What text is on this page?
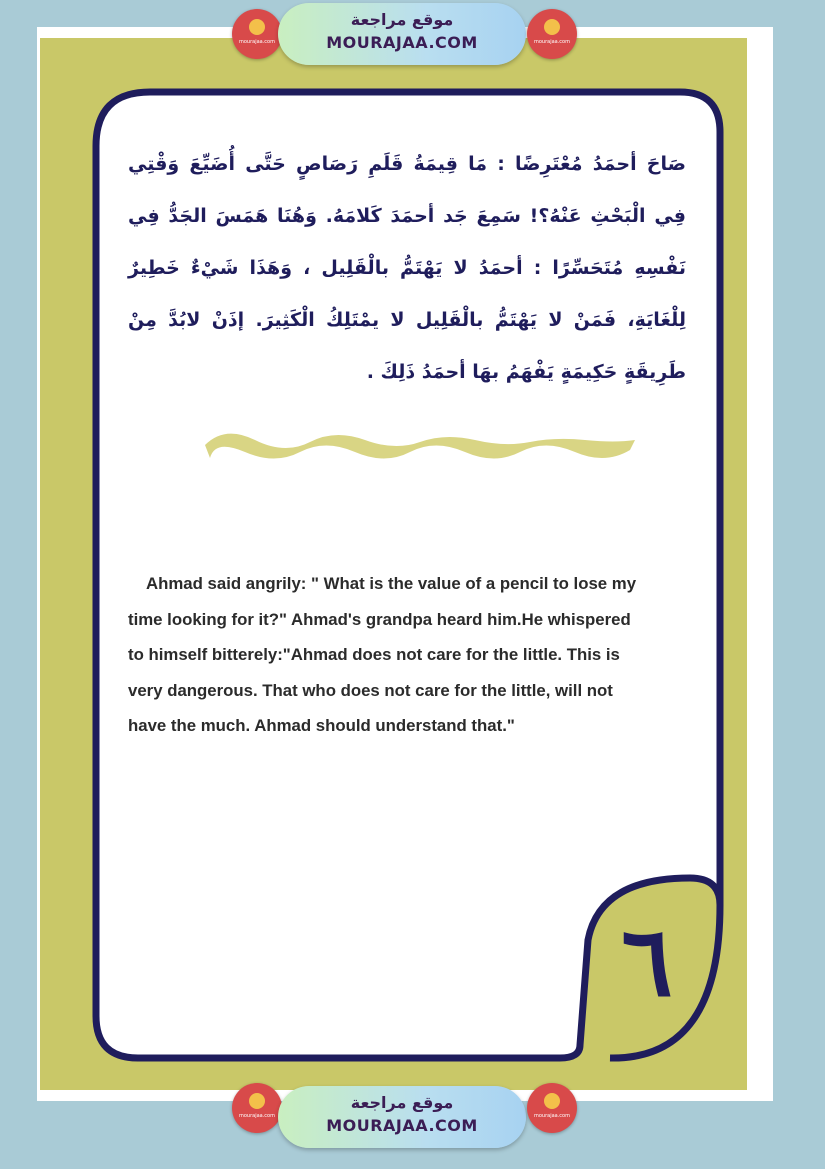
صَاحَ أحمَدُ مُعْتَرِضًا : مَا قِيمَةُ قَلَمِ رَصَاصٍ حَتَّى أُضَيِّعَ وَقْتِي فِي الْبَحْثِ عَنْهُ؟! سَمِعَ جَد أحمَدَ كَلامَهُ. وَهُنَا هَمَسَ الجَدُّ فِي نَفْسِهِ مُتَحَسِّرًا : أحمَدُ لا يَهْتَمُّ بالْقَلِيل ، وَهَذَا شَيْءٌ خَطِيرٌ لِلْغَايَةِ، فَمَنْ لا يَهْتَمُّ بالْقَلِيل لا يمْتَلِكُ الْكَثِيرَ. إذَنْ لابُدَّ مِنْ طَرِيقَةٍ حَكِيمَةٍ يَفْهَمُ بهَا أحمَدُ ذَلِكَ .
Ahmad said angrily: " What is the value of a pencil to lose my
time looking for it?" Ahmad's grandpa heard him.He whispered
to himself bitterely:"Ahmad does not care for the little. This is
very dangerous. That who does not care for the little, will not
have the much. Ahmad should understand that."
٦
mourajaa.com
موقع مراجعة
MOURAJAA.COM	mourajaa.com
mourajaa.com
موقع مراجعة
MOURAJAA.COM	mourajaa.com
